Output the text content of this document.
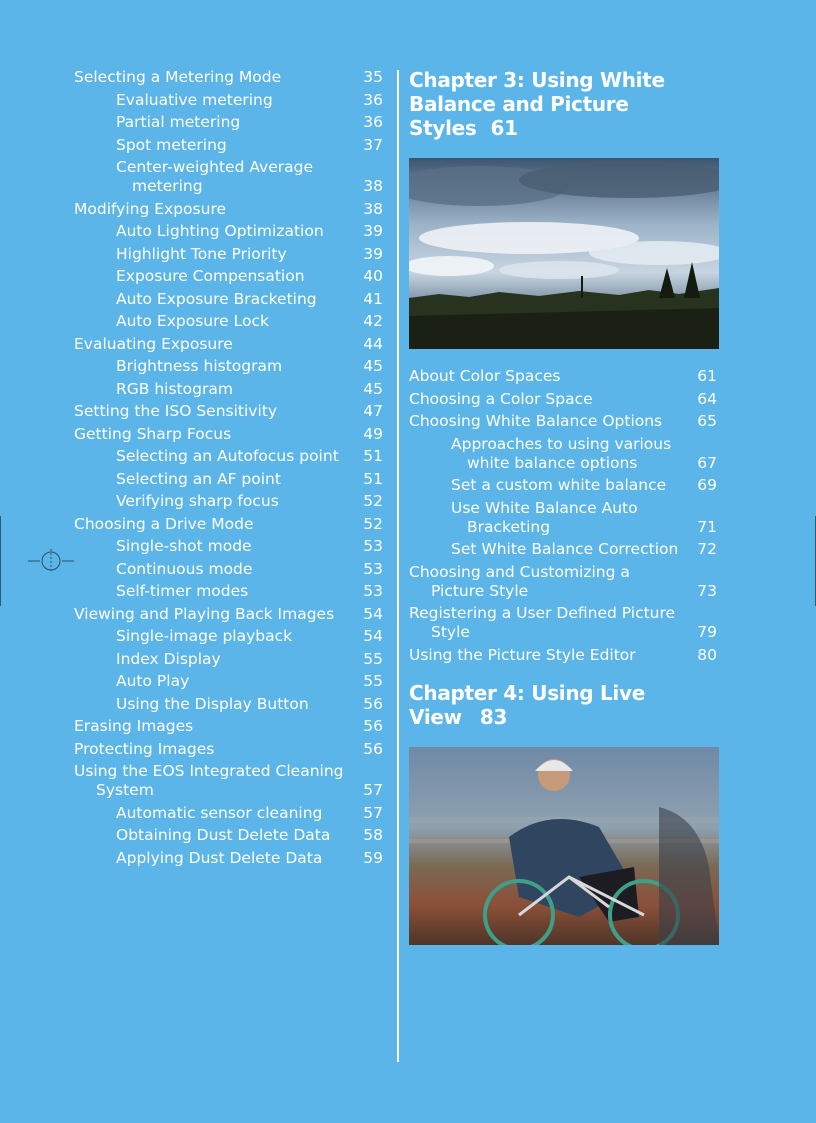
Selecting a Metering Mode	35
Evaluative metering	36
Partial metering	36
Spot metering	37
Center-weighted Average metering	38
Modifying Exposure	38
Auto Lighting Optimization	39
Highlight Tone Priority	39
Exposure Compensation	40
Auto Exposure Bracketing	41
Auto Exposure Lock	42
Evaluating Exposure	44
Brightness histogram	45
RGB histogram	45
Setting the ISO Sensitivity	47
Getting Sharp Focus	49
Selecting an Autofocus point	51
Selecting an AF point	51
Verifying sharp focus	52
Choosing a Drive Mode	52
Single-shot mode	53
Continuous mode	53
Self-timer modes	53
Viewing and Playing Back Images	54
Single-image playback	54
Index Display	55
Auto Play	55
Using the Display Button	56
Erasing Images	56
Protecting Images	56
Using the EOS Integrated Cleaning System	57
Automatic sensor cleaning	57
Obtaining Dust Delete Data	58
Applying Dust Delete Data	59
Chapter 3: Using White
Balance and Picture Styles 61
About Color Spaces	61
Choosing a Color Space	64
Choosing White Balance Options	65
Approaches to using various white balance options	67
Set a custom white balance	69
Use White Balance Auto Bracketing	71
Set White Balance Correction	72
Choosing and Customizing a Picture Style	73
Registering a User Defined Picture Style	79
Using the Picture Style Editor	80
Chapter 4: Using Live View 83
